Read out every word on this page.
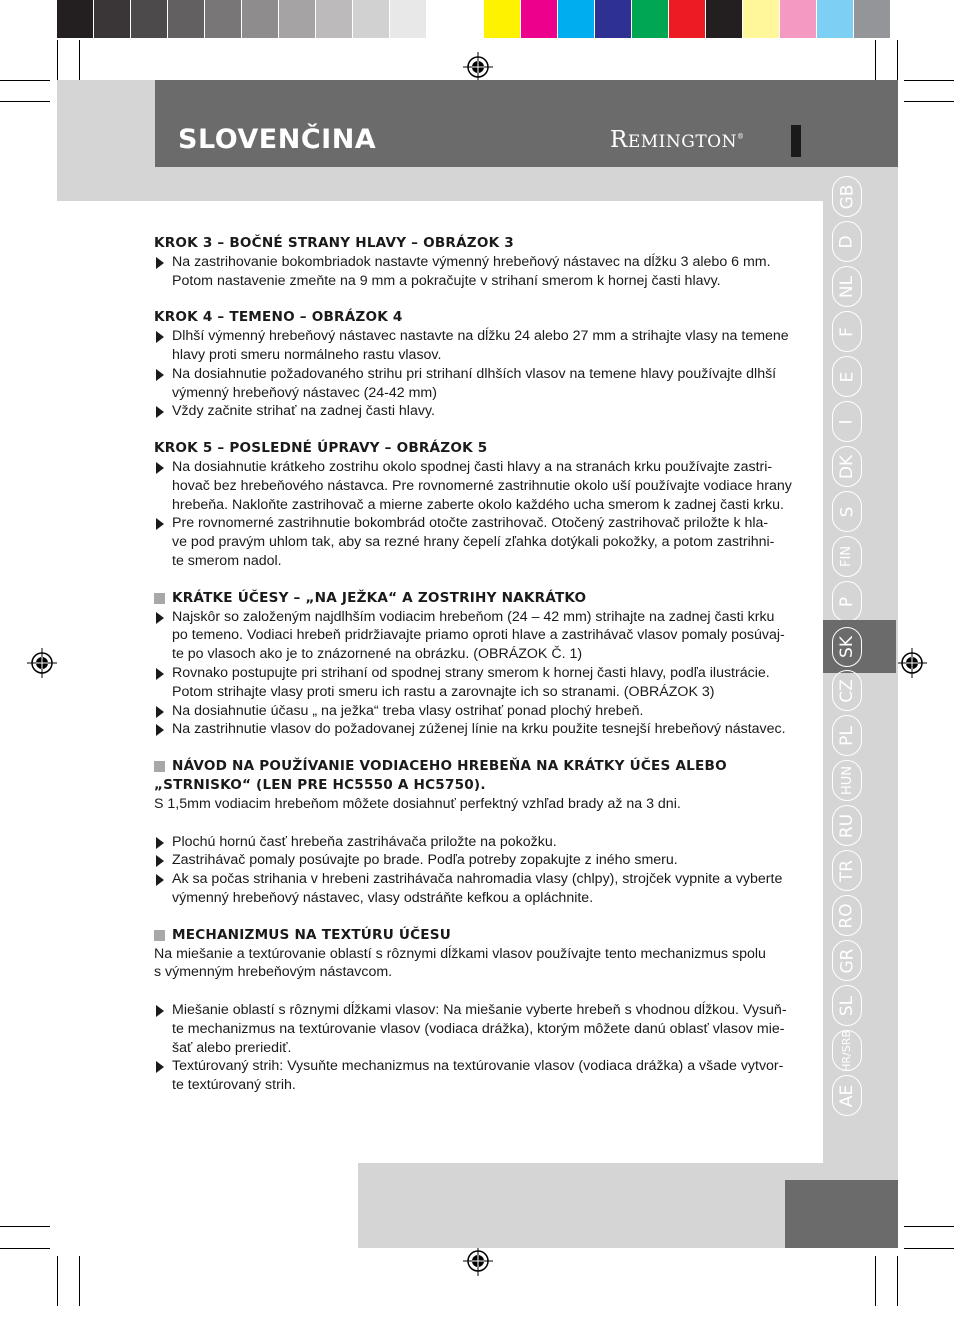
SLOVENČINA	REMINGTON®
GB
D
NL
F
E
I
DK
S
FIN
P
SK
CZ
PL
HUN
RU
TR
RO
GR
SL
HR/SRB
AE

KROK 3 – BOČNÉ STRANY HLAVY – OBRÁZOK 3

Na zastrihovanie bokombriadok nastavte výmenný hrebeňový nástavec na dĺžku 3 alebo 6 mm.
Potom nastavenie zmeňte na 9 mm a pokračujte v strihaní smerom k hornej časti hlavy.

KROK 4 – TEMENO – OBRÁZOK 4

Dlhší výmenný hrebeňový nástavec nastavte na dĺžku 24 alebo 27 mm a strihajte vlasy na temene
hlavy proti smeru normálneho rastu vlasov.
Na dosiahnutie požadovaného strihu pri strihaní dlhších vlasov na temene hlavy používajte dlhší
výmenný hrebeňový nástavec (24-42 mm)
Vždy začnite strihať na zadnej časti hlavy.

KROK 5 – POSLEDNÉ ÚPRAVY – OBRÁZOK 5

Na dosiahnutie krátkeho zostrihu okolo spodnej časti hlavy a na stranách krku používajte zastri-
hovač bez hrebeňového nástavca. Pre rovnomerné zastrihnutie okolo uší používajte vodiace hrany
hrebeňa. Nakloňte zastrihovač a mierne zaberte okolo každého ucha smerom k zadnej časti krku.
Pre rovnomerné zastrihnutie bokombrád otočte zastrihovač. Otočený zastrihovač priložte k hla-
ve pod pravým uhlom tak, aby sa rezné hrany čepelí zľahka dotýkali pokožky, a potom zastrihni-
te smerom nadol.

KRÁTKE ÚČESY – „NA JEŽKA“ A ZOSTRIHY NAKRÁTKO

Najskôr so založeným najdlhším vodiacim hrebeňom (24 – 42 mm) strihajte na zadnej časti krku
po temeno. Vodiaci hrebeň pridržiavajte priamo oproti hlave a zastrihávač vlasov pomaly posúvaj-
te po vlasoch ako je to znázornené na obrázku. (OBRÁZOK Č. 1)
Rovnako postupujte pri strihaní od spodnej strany smerom k hornej časti hlavy, podľa ilustrácie.
Potom strihajte vlasy proti smeru ich rastu a zarovnajte ich so stranami. (OBRÁZOK 3)
Na dosiahnutie účasu „ na ježka“ treba vlasy ostrihať ponad plochý hrebeň.
Na zastrihnutie vlasov do požadovanej zúženej línie na krku použite tesnejší hrebeňový nástavec.

NÁVOD NA POUŽÍVANIE VODIACEHO HREBEŇA NA KRÁTKY ÚČES ALEBO

„STRNISKO“ (LEN PRE HC5550 A HC5750).

S 1,5mm vodiacim hrebeňom môžete dosiahnuť perfektný vzhľad brady až na 3 dni.

Plochú hornú časť hrebeňa zastrihávača priložte na pokožku.
Zastrihávač pomaly posúvajte po brade. Podľa potreby zopakujte z iného smeru.
Ak sa počas strihania v hrebeni zastrihávača nahromadia vlasy (chlpy), strojček vypnite a vyberte
výmenný hrebeňový nástavec, vlasy odstráňte kefkou a opláchnite.

MECHANIZMUS NA TEXTÚRU ÚČESU

Na miešanie a textúrovanie oblastí s rôznymi dĺžkami vlasov používajte tento mechanizmus spolu

s výmenným hrebeňovým nástavcom.

Miešanie oblastí s rôznymi dĺžkami vlasov: Na miešanie vyberte hrebeň s vhodnou dĺžkou. Vysuň-
te mechanizmus na textúrovanie vlasov (vodiaca drážka), ktorým môžete danú oblasť vlasov mie-
šať alebo preriediť.
Textúrovaný strih: Vysuňte mechanizmus na textúrovanie vlasov (vodiaca drážka) a všade vytvor-
te textúrovaný strih.
